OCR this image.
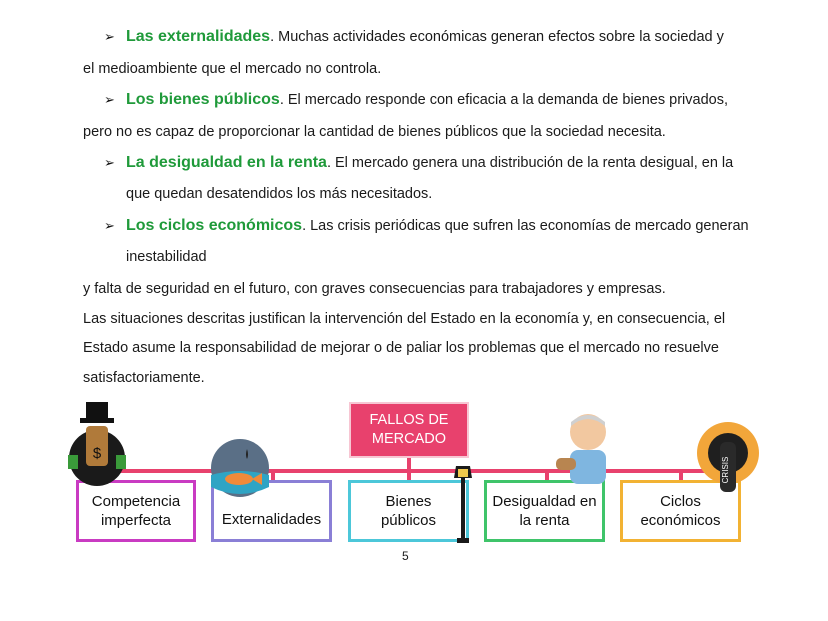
➢ Las externalidades. Muchas actividades económicas generan efectos sobre la sociedad y
el medioambiente que el mercado no controla.
➢ Los bienes públicos. El mercado responde con eficacia a la demanda de bienes privados,
pero no es capaz de proporcionar la cantidad de bienes públicos que la sociedad necesita.
➢ La desigualdad en la renta. El mercado genera una distribución de la renta desigual, en la
que quedan desatendidos los más necesitados.
➢ Los ciclos económicos. Las crisis periódicas que sufren las economías de mercado generan
inestabilidad
y falta de seguridad en el futuro, con graves consecuencias para trabajadores y empresas.
Las situaciones descritas justifican la intervención del Estado en la economía y, en consecuencia, el
Estado asume la responsabilidad de mejorar o de paliar los problemas que el mercado no resuelve
satisfactoriamente.
FALLOS DE
MERCADO
Competencia
imperfecta	Externalidades
Bienes
públicos
Desigualdad en
la renta
Ciclos
económicos
$
CRISIS
5
